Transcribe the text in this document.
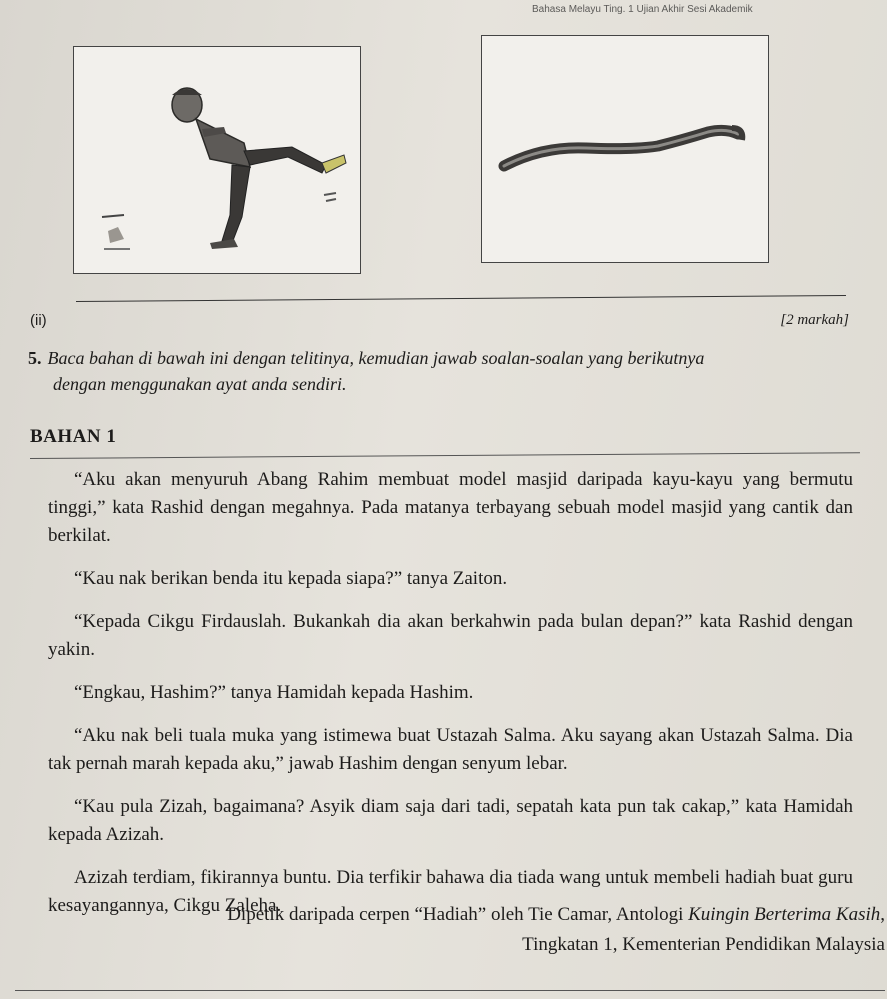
Bahasa Melayu Ting. 1 Ujian Akhir Sesi Akademik
(ii)	[2 markah]
5. Baca bahan di bawah ini dengan telitinya, kemudian jawab soalan-soalan yang berikutnya
dengan menggunakan ayat anda sendiri.
BAHAN 1

“Aku akan menyuruh Abang Rahim membuat model masjid daripada kayu-kayu yang bermutu tinggi,” kata Rashid dengan megahnya. Pada matanya terbayang sebuah model masjid yang cantik dan berkilat.

“Kau nak berikan benda itu kepada siapa?” tanya Zaiton.

“Kepada Cikgu Firdauslah. Bukankah dia akan berkahwin pada bulan depan?” kata Rashid dengan yakin.

“Engkau, Hashim?” tanya Hamidah kepada Hashim.

“Aku nak beli tuala muka yang istimewa buat Ustazah Salma. Aku sayang akan Ustazah Salma. Dia tak pernah marah kepada aku,” jawab Hashim dengan senyum lebar.

“Kau pula Zizah, bagaimana? Asyik diam saja dari tadi, sepatah kata pun tak cakap,” kata Hamidah kepada Azizah.

Azizah terdiam, fikirannya buntu. Dia terfikir bahawa dia tiada wang untuk membeli hadiah buat guru kesayangannya, Cikgu Zaleha.

Dipetik daripada cerpen “Hadiah” oleh Tie Camar, Antologi Kuingin Berterima Kasih,
Tingkatan 1, Kementerian Pendidikan Malaysia
